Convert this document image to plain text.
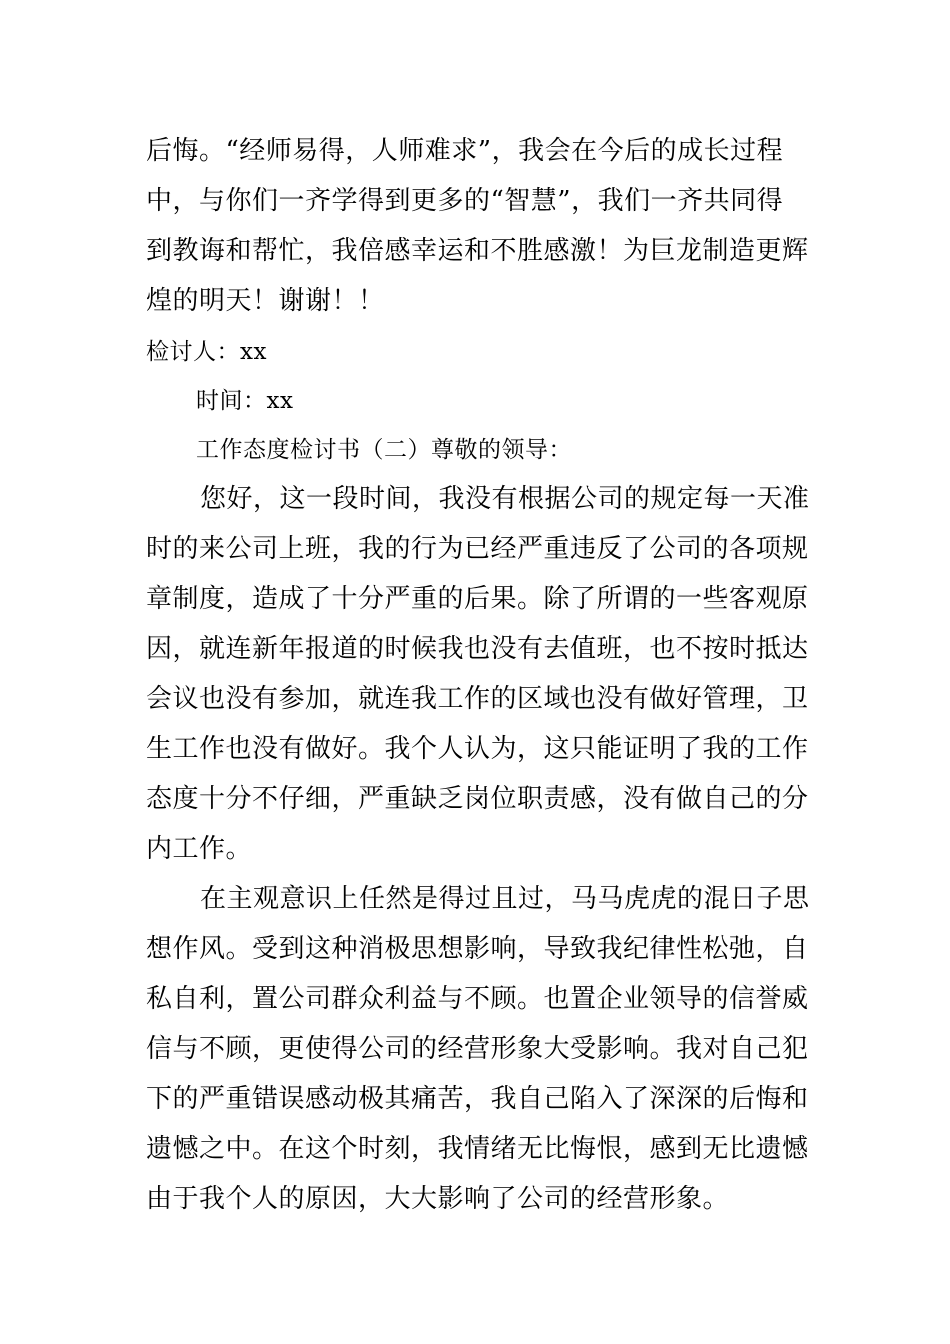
后悔。“经师易得，人师难求”，我会在今后的成长过程
中，与你们一齐学得到更多的“智慧”，我们一齐共同得
到教诲和帮忙，我倍感幸运和不胜感激！为巨龙制造更辉
煌的明天！谢谢！！
检讨人：xx
时间：xx
工作态度检讨书（二）尊敬的领导：
您好，这一段时间，我没有根据公司的规定每一天准
时的来公司上班，我的行为已经严重违反了公司的各项规
章制度，造成了十分严重的后果。除了所谓的一些客观原
因，就连新年报道的时候我也没有去值班，也不按时抵达
会议也没有参加，就连我工作的区域也没有做好管理，卫
生工作也没有做好。我个人认为，这只能证明了我的工作
态度十分不仔细，严重缺乏岗位职责感，没有做自己的分
内工作。
在主观意识上任然是得过且过，马马虎虎的混日子思
想作风。受到这种消极思想影响，导致我纪律性松弛，自
私自利，置公司群众利益与不顾。也置企业领导的信誉威
信与不顾，更使得公司的经营形象大受影响。我对自己犯
下的严重错误感动极其痛苦，我自己陷入了深深的后悔和
遗憾之中。在这个时刻，我情绪无比悔恨，感到无比遗憾
由于我个人的原因，大大影响了公司的经营形象。
